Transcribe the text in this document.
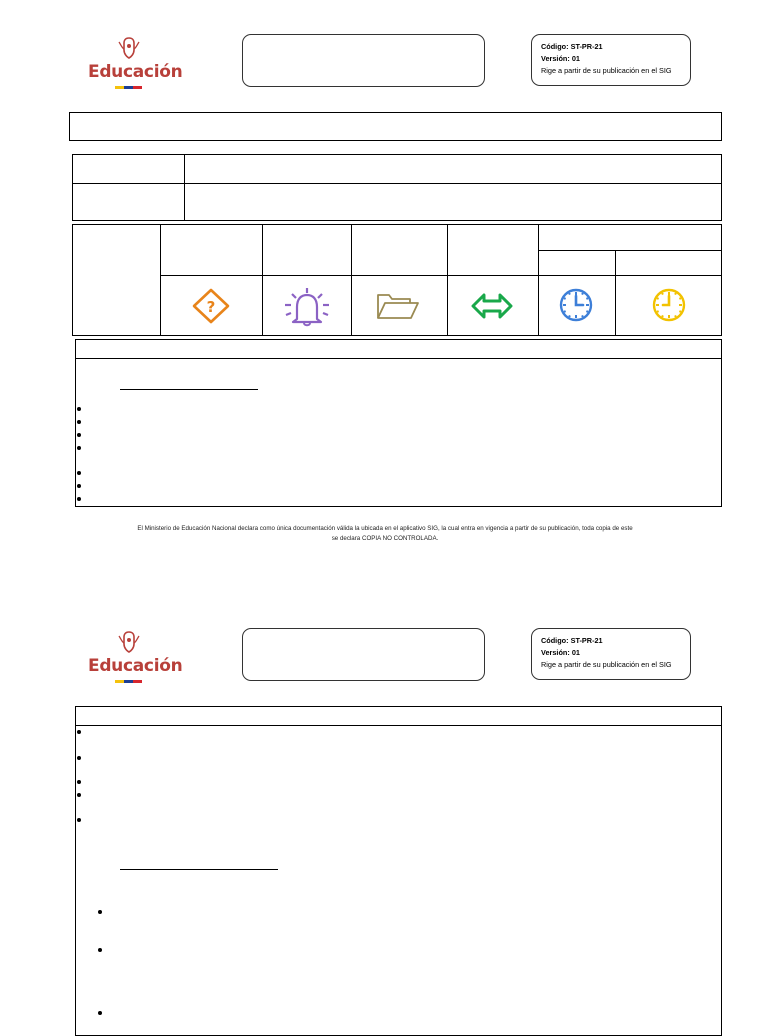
Educación
Código: ST-PR-21
Versión: 01
Rige a partir de su publicación en el SIG
?
El Ministerio de Educación Nacional declara como única documentación válida la ubicada en el aplicativo SIG, la cual entra en vigencia a partir de su publicación, toda copia de este
se declara COPIA NO CONTROLADA.
Educación
Código: ST-PR-21
Versión: 01
Rige a partir de su publicación en el SIG
